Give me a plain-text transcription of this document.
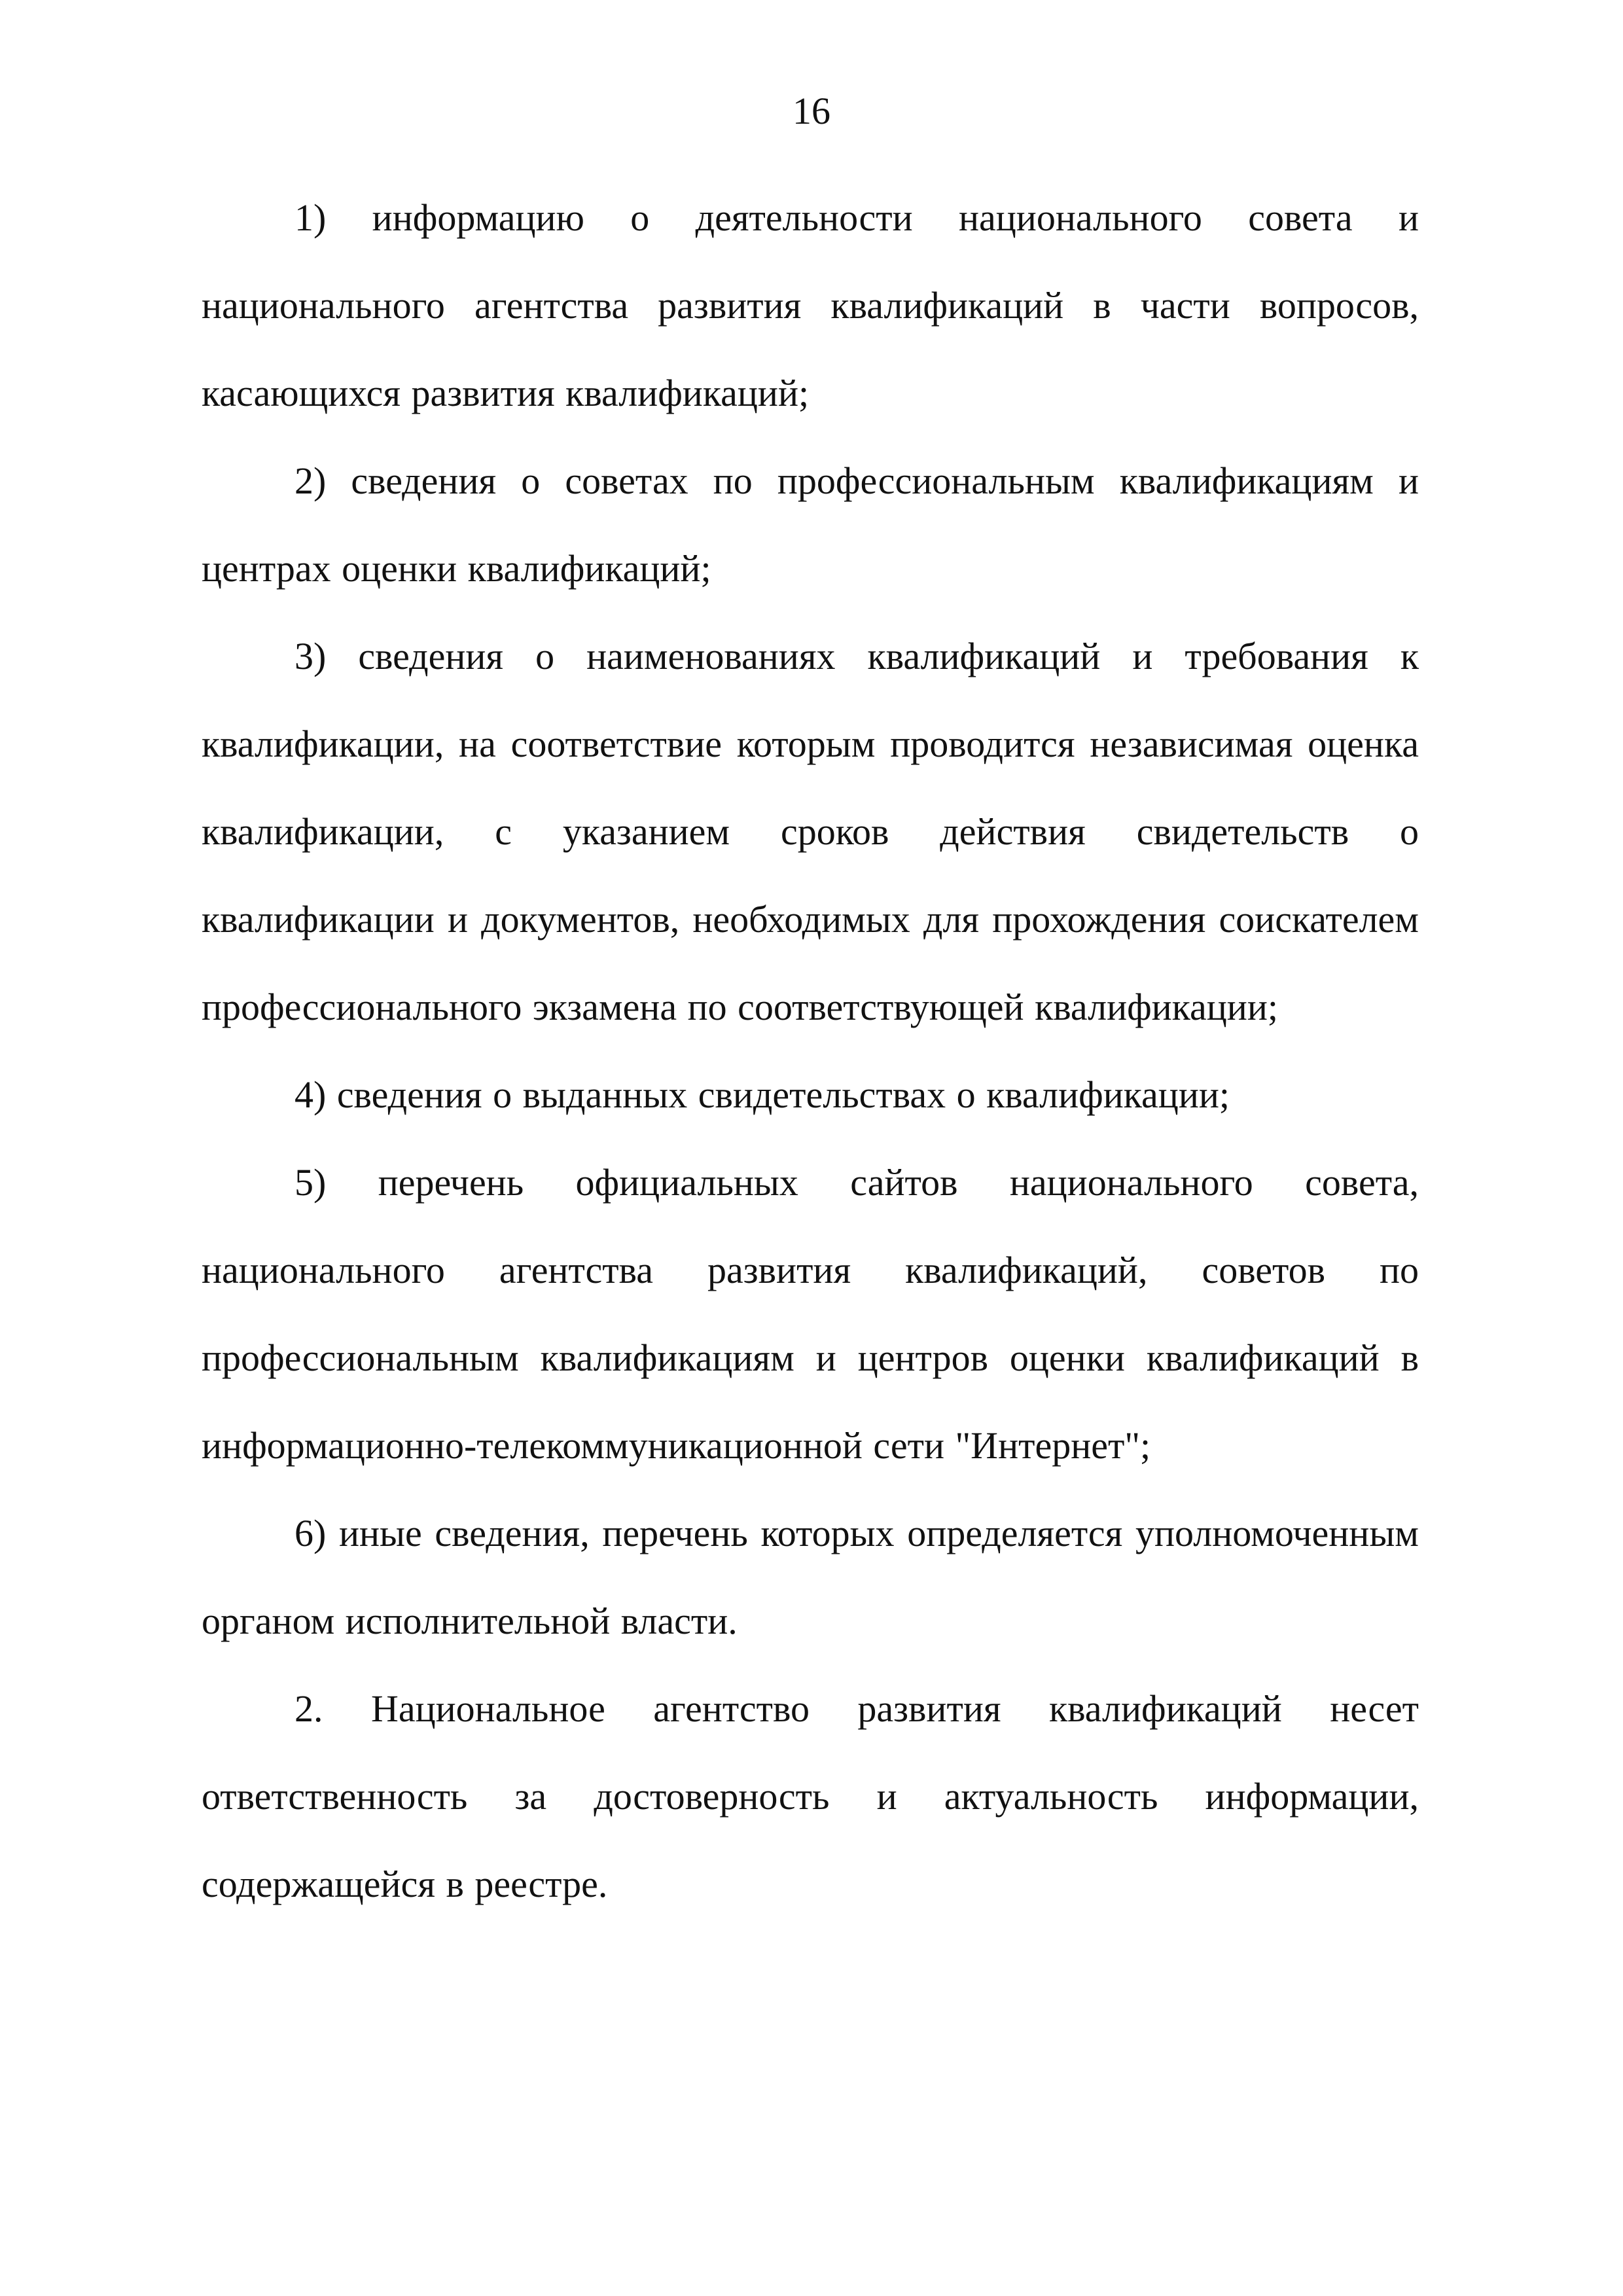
16

1) информацию о деятельности национального совета и национального агентства развития квалификаций в части вопросов, касающихся развития квалификаций;

2) сведения о советах по профессиональным квалификациям и центрах оценки квалификаций;

3) сведения о наименованиях квалификаций и требования к квалификации, на соответствие которым проводится независимая оценка квалификации, с указанием сроков действия свидетельств о квалификации и документов, необходимых для прохождения соискателем профессионального экзамена по соответствующей квалификации;

4) сведения о выданных свидетельствах о квалификации;

5) перечень официальных сайтов национального совета, национального агентства развития квалификаций, советов по профессиональным квалификациям и центров оценки квалификаций в информационно-телекоммуникационной сети "Интернет";

6) иные сведения, перечень которых определяется уполномоченным органом исполнительной власти.

2. Национальное агентство развития квалификаций несет ответственность за достоверность и актуальность информации, содержащейся в реестре.
